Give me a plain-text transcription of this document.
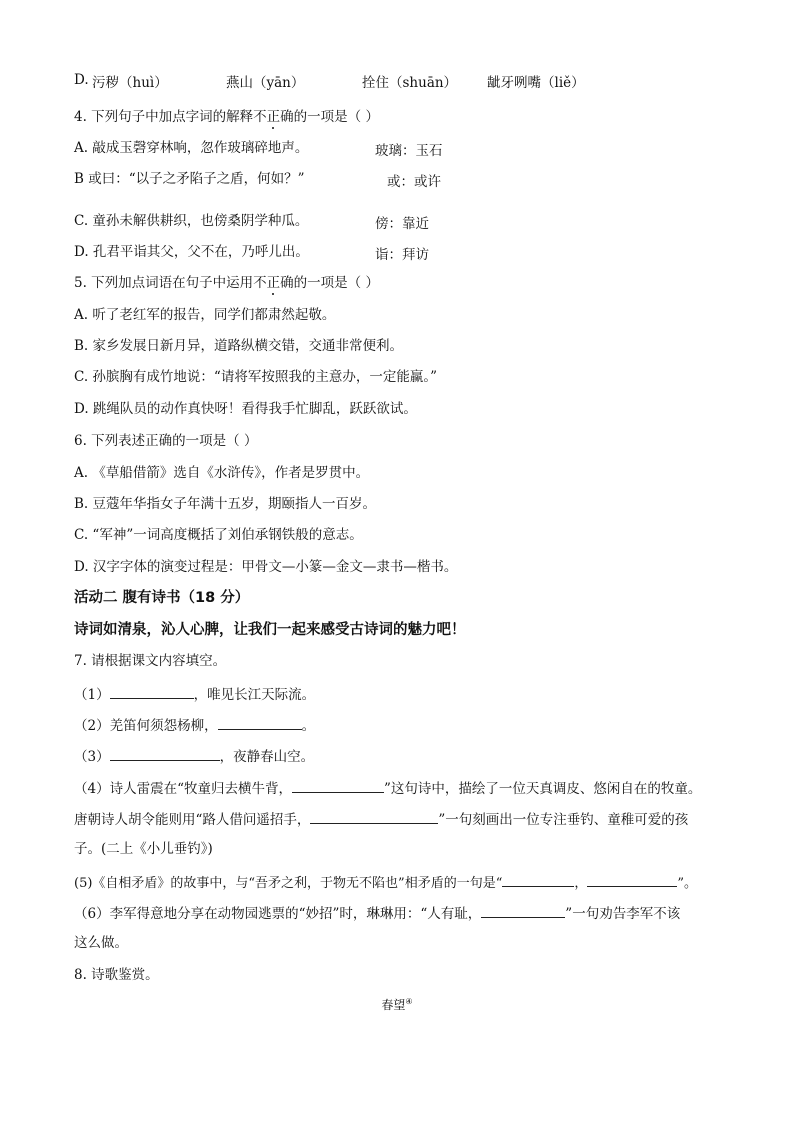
D. 污秽（huì）	燕山（yān）	拴住（shuān） 龇牙咧嘴（liě）
4. 下列句子中加点字词的解释不正确的一项是（ ）
A. 敲成玉磬穿林响，忽作玻璃碎地声。	玻璃：玉石
B 或曰：“以子之矛陷子之盾，何如？”	或：或许
C. 童孙未解供耕织，也傍桑阴学种瓜。	傍：靠近
D. 孔君平诣其父，父不在，乃呼儿出。	诣：拜访
5. 下列加点词语在句子中运用不正确的一项是（ ）
A. 听了老红军的报告，同学们都肃然起敬。
B. 家乡发展日新月异，道路纵横交错，交通非常便利。
C. 孙膑胸有成竹地说：“请将军按照我的主意办，一定能赢。”
D. 跳绳队员的动作真快呀！看得我手忙脚乱，跃跃欲试。
6. 下列表述正确的一项是（ ）
A. 《草船借箭》选自《水浒传》，作者是罗贯中。
B. 豆蔻年华指女子年满十五岁，期颐指人一百岁。
C. “军神”一词高度概括了刘伯承钢铁般的意志。
D. 汉字字体的演变过程是：甲骨文—小篆—金文—隶书—楷书。
活动二 腹有诗书（18 分）
诗词如清泉，沁人心脾，让我们一起来感受古诗词的魅力吧！
7. 请根据课文内容填空。
（1）	，唯见长江天际流。
（2）羌笛何须怨杨柳，	。
（3）	，夜静春山空。
（4）诗人雷震在“牧童归去横牛背，	”这句诗中，描绘了一位天真调皮、悠闲自在的牧童。
唐朝诗人胡令能则用“路人借问遥招手，	”一句刻画出一位专注垂钓、童稚可爱的孩
子。(二上《小儿垂钓》)
(5)《自相矛盾》的故事中，与“吾矛之利，于物无不陷也”相矛盾的一句是“	，	”。
（6）李军得意地分享在动物园逃票的“妙招”时，琳琳用：“人有耻，	”一句劝告李军不该
这么做。
8. 诗歌鉴赏。
春望④
